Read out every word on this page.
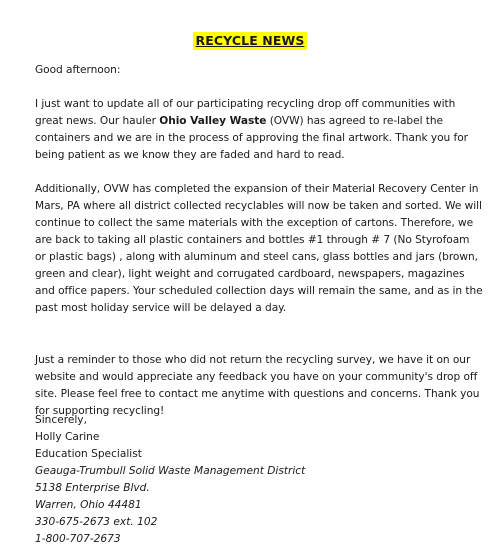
RECYCLE NEWS
Good afternoon:
I just want to update all of our participating recycling drop off communities with great news. Our hauler Ohio Valley Waste (OVW) has agreed to re-label the containers and we are in the process of approving the final artwork. Thank you for being patient as we know they are faded and hard to read.
Additionally, OVW has completed the expansion of their Material Recovery Center in Mars, PA where all district collected recyclables will now be taken and sorted. We will continue to collect the same materials with the exception of cartons. Therefore, we are back to taking all plastic containers and bottles #1 through # 7 (No Styrofoam or plastic bags) , along with aluminum and steel cans, glass bottles and jars (brown, green and clear), light weight and corrugated cardboard, newspapers, magazines and office papers. Your scheduled collection days will remain the same, and as in the past most holiday service will be delayed a day.
Just a reminder to those who did not return the recycling survey, we have it on our website and would appreciate any feedback you have on your community's drop off site. Please feel free to contact me anytime with questions and concerns. Thank you for supporting recycling!
Sincerely,
Holly Carine
Education Specialist
Geauga-Trumbull Solid Waste Management District
5138 Enterprise Blvd.
Warren, Ohio 44481
330-675-2673 ext. 102
1-800-707-2673
